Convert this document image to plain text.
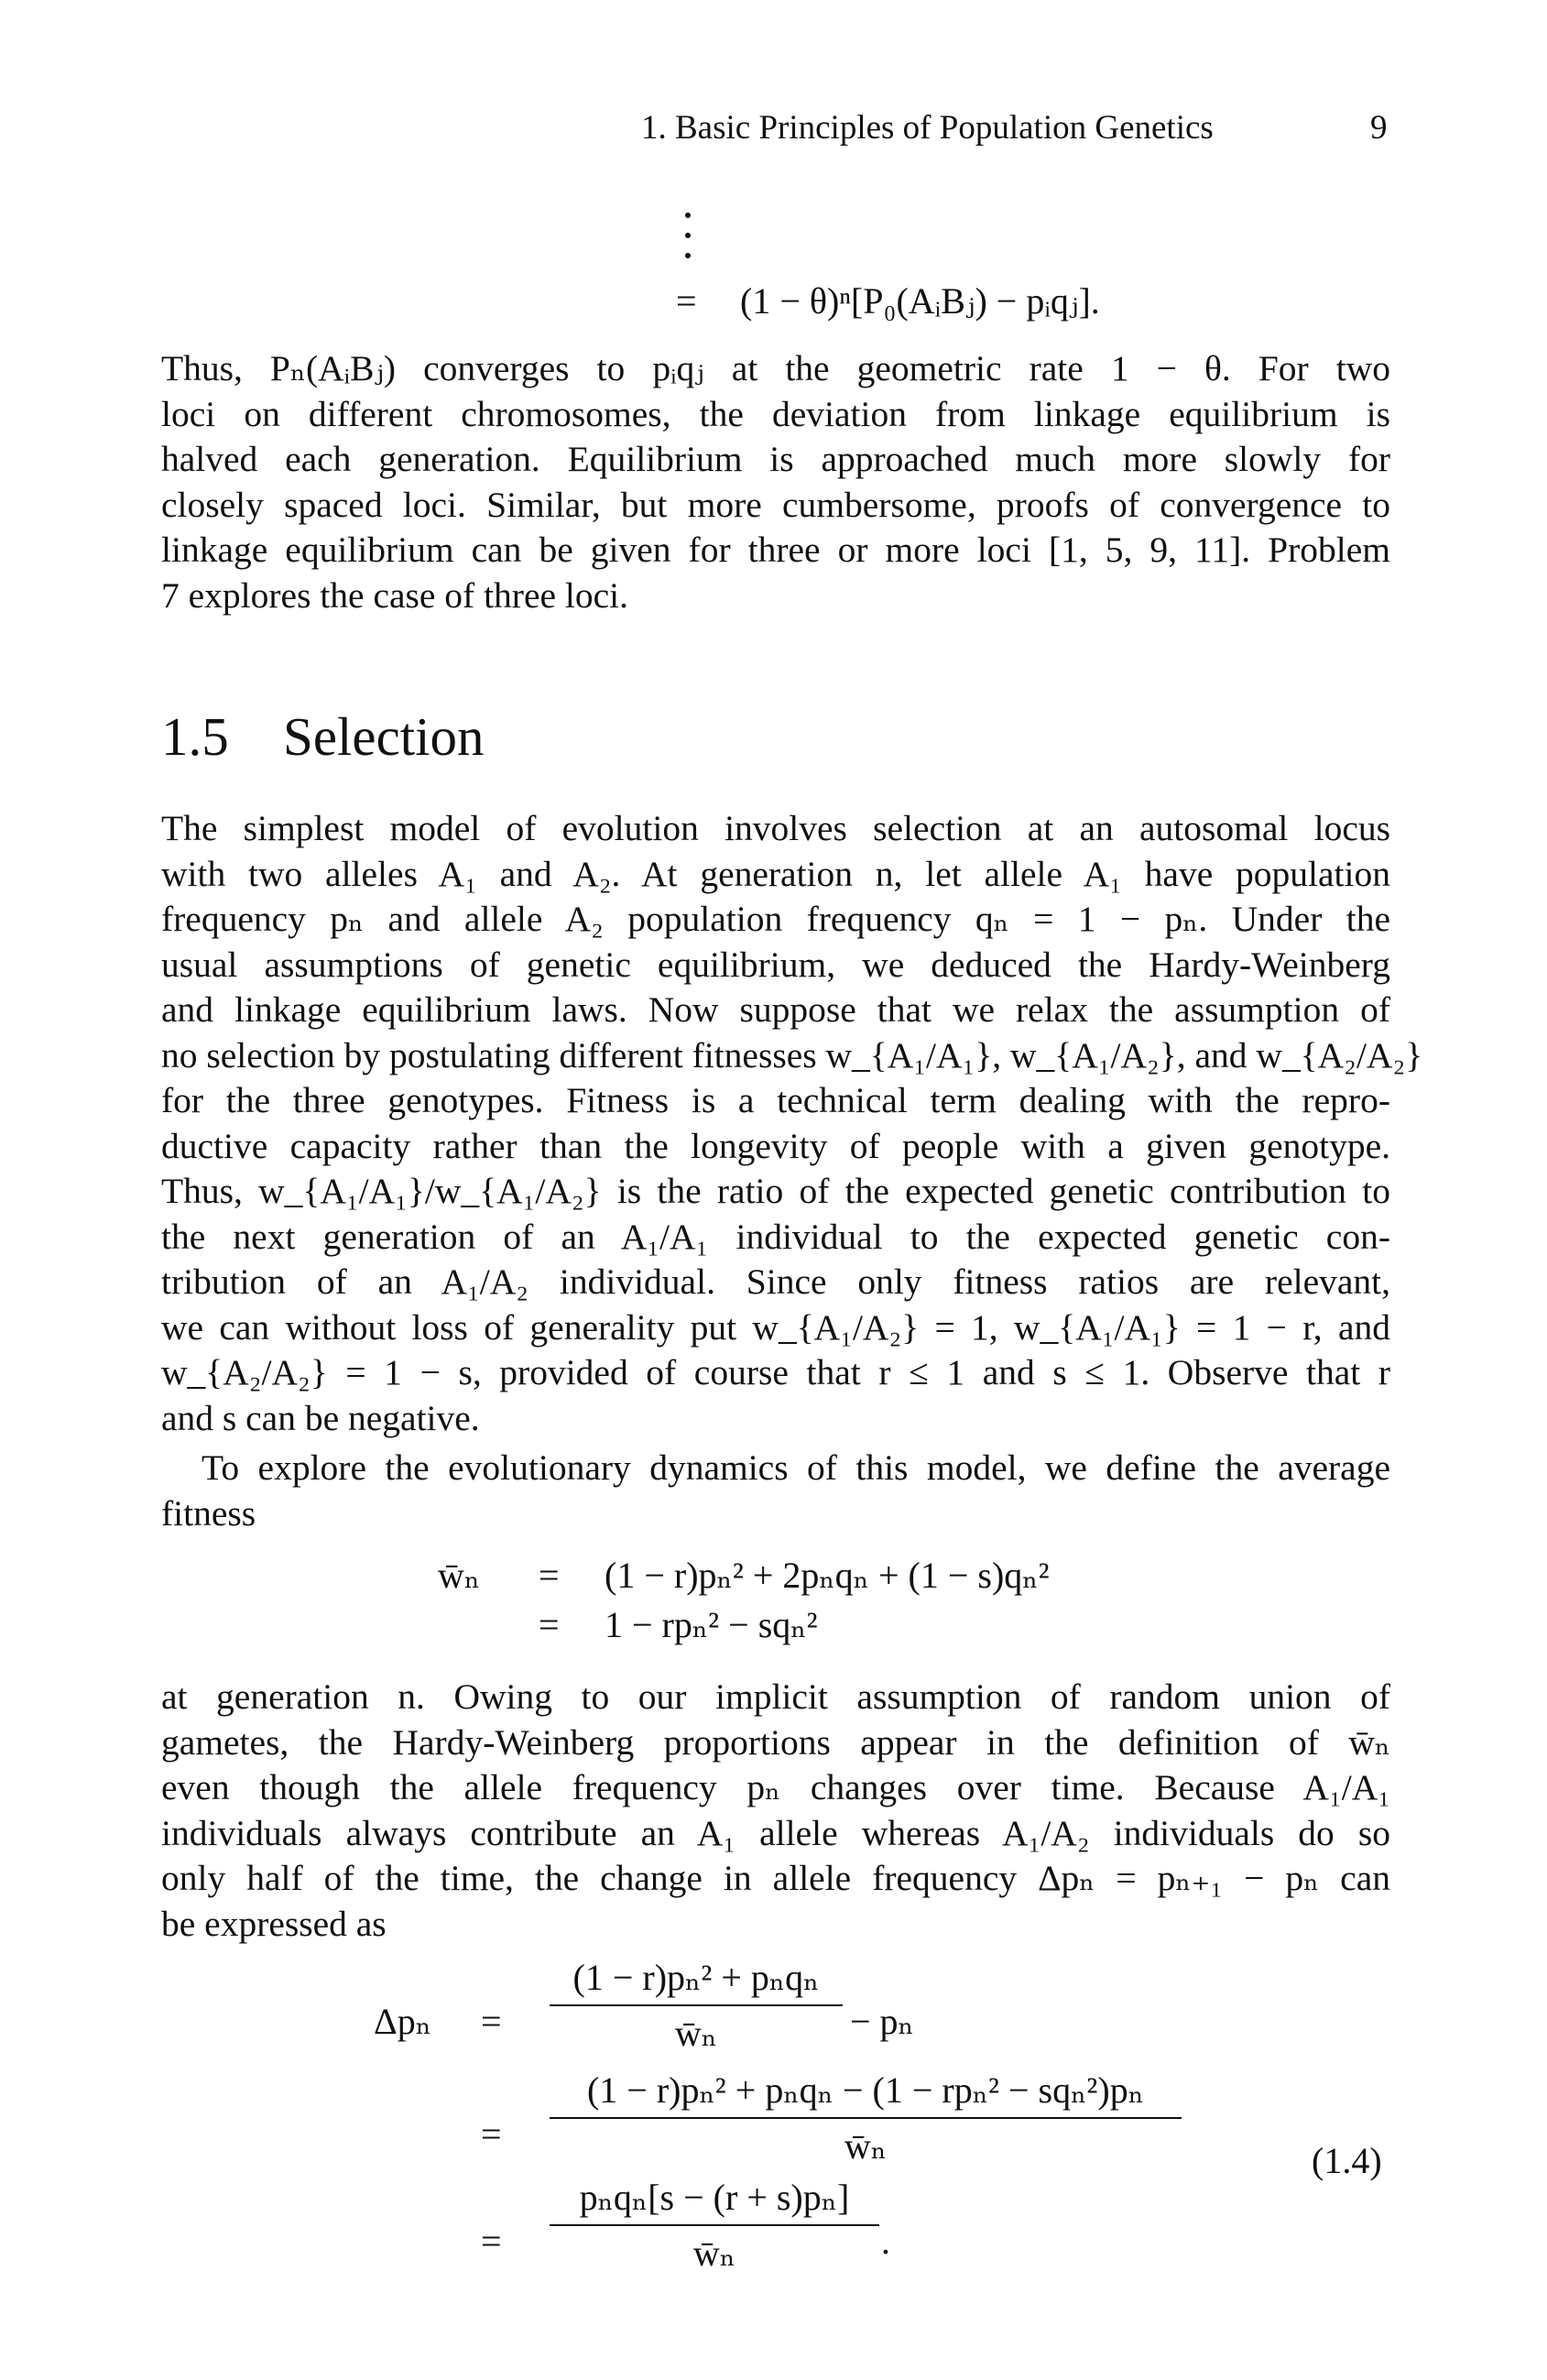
1. Basic Principles of Population Genetics	9
= (1 − θ)ⁿ[P₀(AᵢBⱼ) − pᵢqⱼ].
Thus, Pₙ(AᵢBⱼ) converges to pᵢqⱼ at the geometric rate 1 − θ. For two
loci on different chromosomes, the deviation from linkage equilibrium is
halved each generation. Equilibrium is approached much more slowly for
closely spaced loci. Similar, but more cumbersome, proofs of convergence to
linkage equilibrium can be given for three or more loci [1, 5, 9, 11]. Problem
7 explores the case of three loci.
1.5 Selection
The simplest model of evolution involves selection at an autosomal locus
with two alleles A₁ and A₂. At generation n, let allele A₁ have population
frequency pₙ and allele A₂ population frequency qₙ = 1 − pₙ. Under the
usual assumptions of genetic equilibrium, we deduced the Hardy-Weinberg
and linkage equilibrium laws. Now suppose that we relax the assumption of
no selection by postulating different fitnesses w_{A₁/A₁}, w_{A₁/A₂}, and w_{A₂/A₂}
for the three genotypes. Fitness is a technical term dealing with the repro-
ductive capacity rather than the longevity of people with a given genotype.
Thus, w_{A₁/A₁}/w_{A₁/A₂} is the ratio of the expected genetic contribution to
the next generation of an A₁/A₁ individual to the expected genetic con-
tribution of an A₁/A₂ individual. Since only fitness ratios are relevant,
we can without loss of generality put w_{A₁/A₂} = 1, w_{A₁/A₁} = 1 − r, and
w_{A₂/A₂} = 1 − s, provided of course that r ≤ 1 and s ≤ 1. Observe that r
and s can be negative.
To explore the evolutionary dynamics of this model, we define the average
fitness
w̄ₙ = (1 − r)pₙ² + 2pₙqₙ + (1 − s)qₙ²
= 1 − rpₙ² − sqₙ²
at generation n. Owing to our implicit assumption of random union of
gametes, the Hardy-Weinberg proportions appear in the definition of w̄ₙ
even though the allele frequency pₙ changes over time. Because A₁/A₁
individuals always contribute an A₁ allele whereas A₁/A₂ individuals do so
only half of the time, the change in allele frequency Δpₙ = pₙ₊₁ − pₙ can
be expressed as
Δpₙ =
(1 − r)pₙ² + pₙqₙ
w̄ₙ	− pₙ
=
(1 − r)pₙ² + pₙqₙ − (1 − rpₙ² − sqₙ²)pₙ
w̄ₙ	(1.4)
=
pₙqₙ[s − (r + s)pₙ]
w̄ₙ	.
